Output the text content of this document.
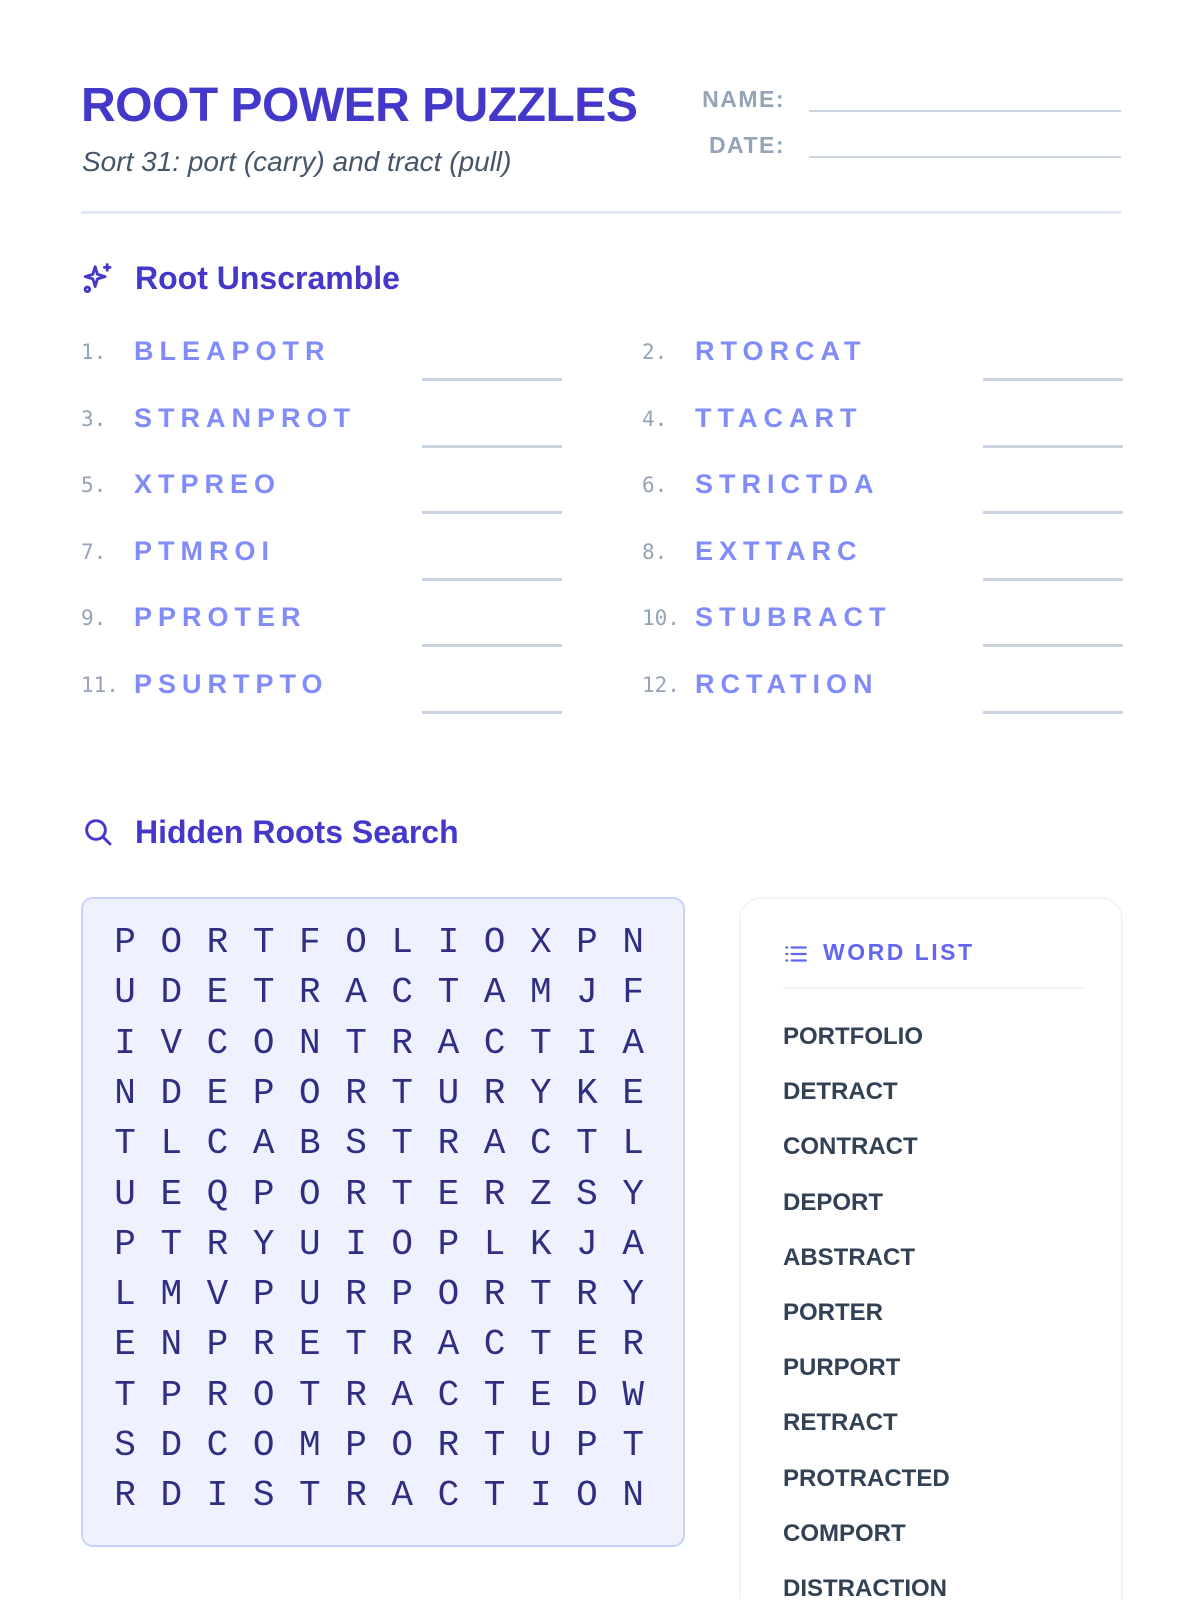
ROOT POWER PUZZLES
Sort 31: port (carry) and tract (pull)
NAME:
DATE:
Root Unscramble
1. BLEAPOTR	2. RTORCAT
3. STRANPROT	4. TTACART
5. XTPREO	6. STRICTDA
7. PTMROI	8. EXTTARC
9. PPROTER	10. STUBRACT
11. PSURTPTO	12. RCTATION
Hidden Roots Search
P O R T F O L I O X P N
U D E T R A C T A M J F
I V C O N T R A C T I A
N D E P O R T U R Y K E
T L C A B S T R A C T L
U E Q P O R T E R Z S Y
P T R Y U I O P L K J A
L M V P U R P O R T R Y
E N P R E T R A C T E R
T P R O T R A C T E D W
S D C O M P O R T U P T
R D I S T R A C T I O N
WORD LIST
PORTFOLIO
DETRACT
CONTRACT
DEPORT
ABSTRACT
PORTER
PURPORT
RETRACT
PROTRACTED
COMPORT
DISTRACTION
